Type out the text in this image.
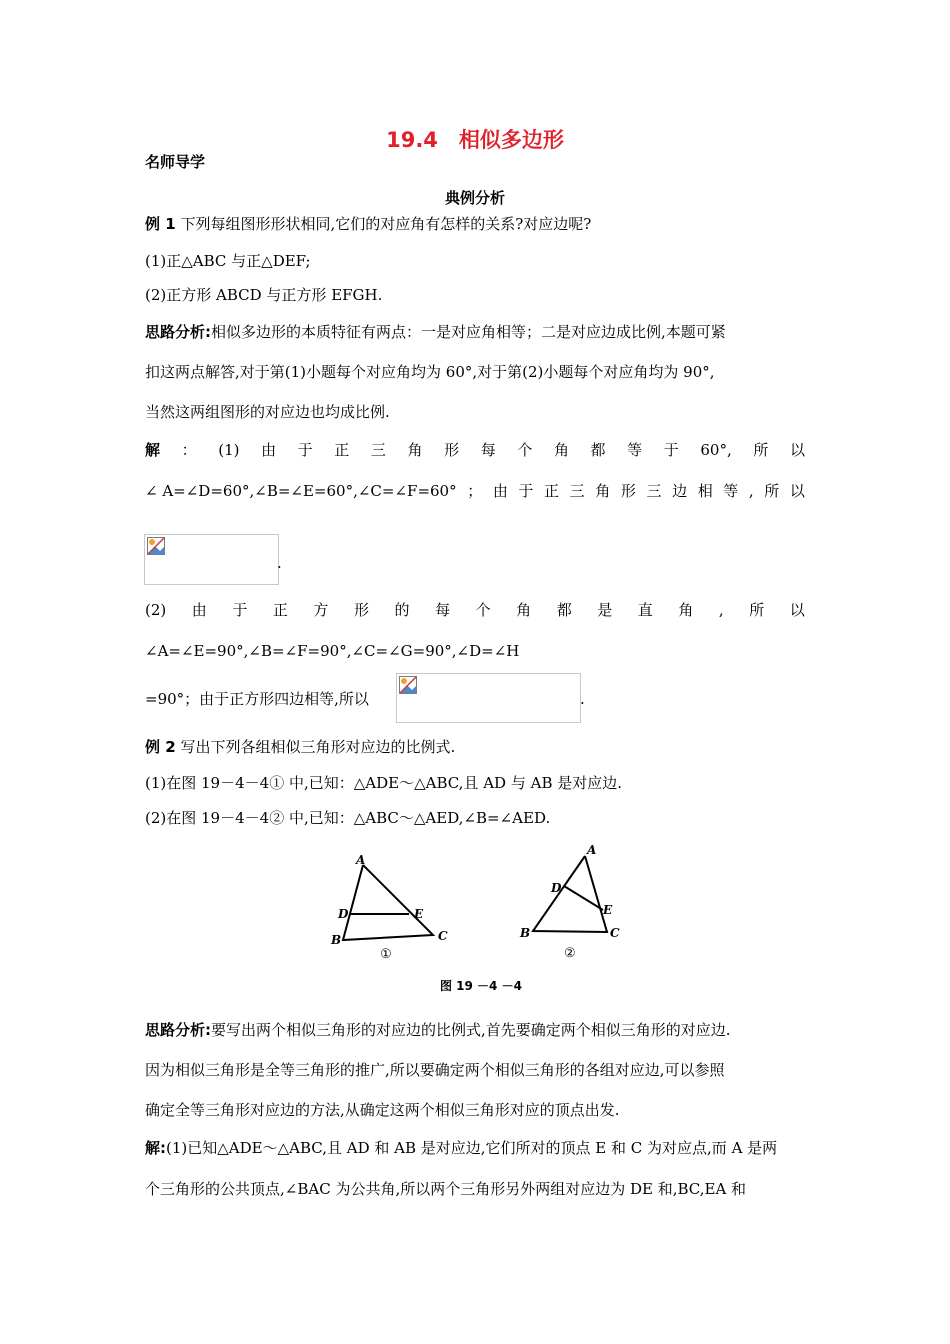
19.4　相似多边形
名师导学
典例分析
例 1 下列每组图形形状相同,它们的对应角有怎样的关系?对应边呢?
(1)正△ABC 与正△DEF;
(2)正方形 ABCD 与正方形 EFGH.
思路分析:相似多边形的本质特征有两点：一是对应角相等；二是对应边成比例,本题可紧
扣这两点解答,对于第(1)小题每个对应角均为 60°,对于第(2)小题每个对应角均为 90°,
当然这两组图形的对应边也均成比例.
解 ： (1) 由 于 正 三 角 形 每 个 角 都 等 于 60°, 所 以
∠ A=∠D=60°,∠B=∠E=60°,∠C=∠F=60° ； 由 于 正 三 角 形 三 边 相 等 , 所 以
.
(2) 由 于 正 方 形 的 每 个 角 都 是 直 角 , 所 以
∠A=∠E=90°,∠B=∠F=90°,∠C=∠G=90°,∠D=∠H
=90°；由于正方形四边相等,所以	.
例 2 写出下列各组相似三角形对应边的比例式.
(1)在图 19－4－4① 中,已知：△ADE～△ABC,且 AD 与 AB 是对应边.
(2)在图 19－4－4② 中,已知：△ABC～△AED,∠B=∠AED.
A
D	E
B	C
①
A
D
E
B	C
②
图 19 －4 －4
思路分析:要写出两个相似三角形的对应边的比例式,首先要确定两个相似三角形的对应边.
因为相似三角形是全等三角形的推广,所以要确定两个相似三角形的各组对应边,可以参照
确定全等三角形对应边的方法,从确定这两个相似三角形对应的顶点出发.
解:(1)已知△ADE～△ABC,且 AD 和 AB 是对应边,它们所对的顶点 E 和 C 为对应点,而 A 是两
个三角形的公共顶点,∠BAC 为公共角,所以两个三角形另外两组对应边为 DE 和,BC,EA 和
